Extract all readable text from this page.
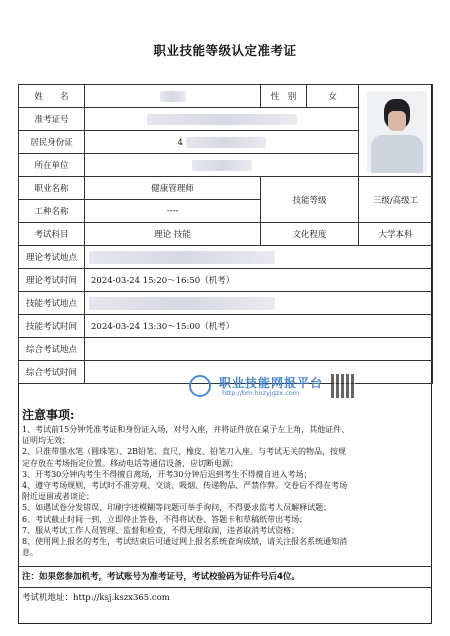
职业技能等级认定准考证
姓　　名		性　别	女	

准考证号				
居民身份证	4			
所在单位				
职业名称	健康管理师	技能等级		三级/高级工
工种名称	----			
考试科目	理论 技能	文化程度		大学本科
理论考试地点				
理论考试时间	2024-03-24 15:20～16:50（机考）			
技能考试地点				
技能考试时间	2024-03-24 13:30～15:00（机考）			
综合考试地点				
综合考试时间				
职业技能网报平台
http://bm.hnzyjgzx.com
注意事项:
1、考试前15分钟凭准考证和身份证入场，对号入座，并将证件放在桌子左上角，其他证件、
证明均无效；
2、只准带墨水笔（圆珠笔）、2B铅笔、直尺、橡皮、铅笔刀入座。与考试无关的物品，按规
定存放在考场指定位置。移动电话等通信设备，应切断电源；
3、开考30分钟内考生不得擅自离场，开考30分钟后迟到考生不得擅自进入考场；
4、遵守考场规则，考试时不准旁观、交谈、吸烟、传递物品、严禁作弊。交卷后不得在考场
附近逗留或者谈论；
5、如遇试卷分发错误、印刷字迹模糊等问题可举手询问，不得要求监考人员解释试题；
6、考试截止时间一到，立即停止答卷，不得将试卷、答题卡和草稿纸带出考场；
7、服从考试工作人员管理、监督和检查，不得无理取闹，违者取消考试资格；
8、使用网上报名的考生，考试结束后可通过网上报名系统查询成绩，请关注报名系统通知消
息。
注：如果您参加机考，考试账号为准考证号，考试校验码为证件号后4位。
考试机地址：http://ksj.kszx365.com
